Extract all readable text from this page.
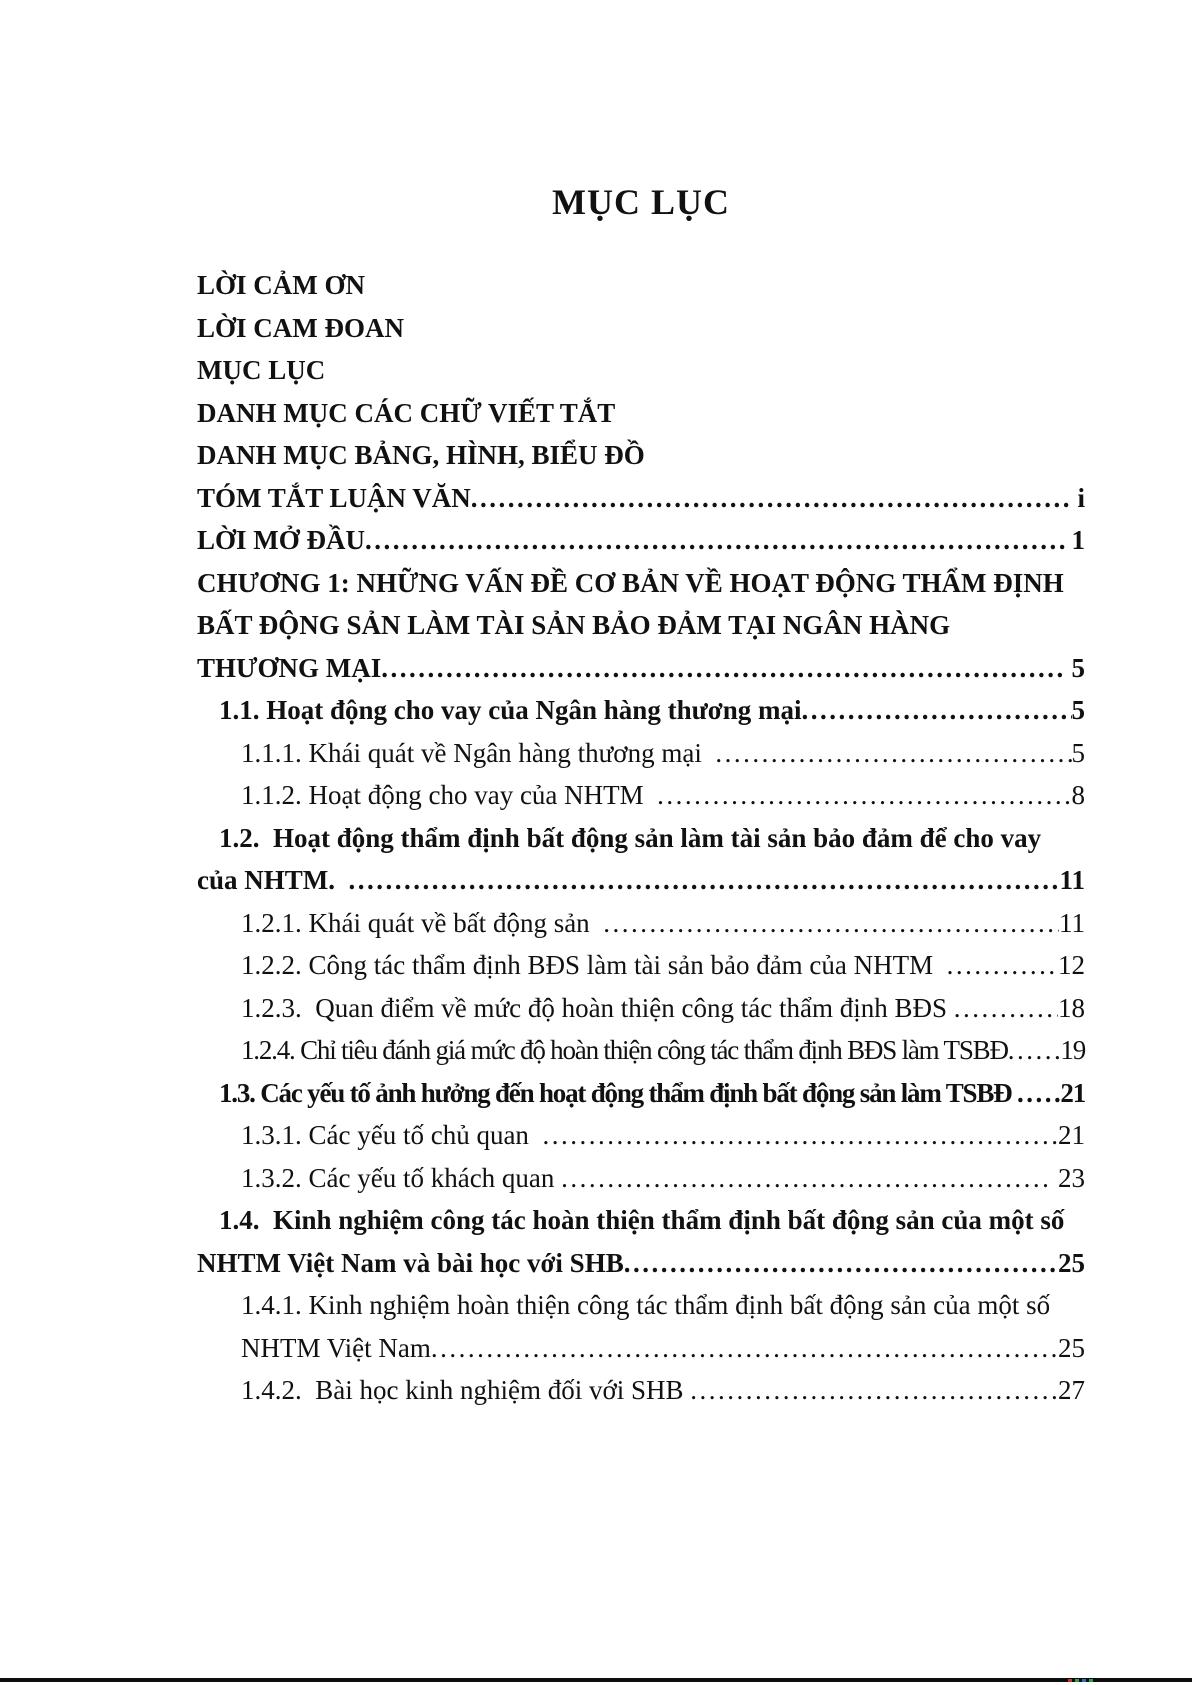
MỤC LỤC
LỜI CẢM ƠN
LỜI CAM ĐOAN
MỤC LỤC
DANH MỤC CÁC CHỮ VIẾT TẮT
DANH MỤC BẢNG, HÌNH, BIỂU ĐỒ
TÓM TẮT LUẬN VĂN .....	i
LỜI MỞ ĐẦU .....	1
CHƯƠNG 1: NHỮNG VẤN ĐỀ CƠ BẢN VỀ HOẠT ĐỘNG THẨM ĐỊNH
BẤT ĐỘNG SẢN LÀM TÀI SẢN BẢO ĐẢM TẠI NGÂN HÀNG
THƯƠNG MẠI .....	5
1.1. Hoạt động cho vay của Ngân hàng thương mại .....	5
1.1.1. Khái quát về Ngân hàng thương mại .....	5
1.1.2. Hoạt động cho vay của NHTM .....	8
1.2.  Hoạt động thẩm định bất động sản làm tài sản bảo đảm để cho vay
của NHTM. .....	11
1.2.1. Khái quát về bất động sản .....	11
1.2.2. Công tác thẩm định BĐS làm tài sản bảo đảm của NHTM .....	12
1.2.3.  Quan điểm về mức độ hoàn thiện công tác thẩm định BĐS .....	18
1.2.4. Chỉ tiêu đánh giá mức độ hoàn thiện công tác thẩm định BĐS làm TSBĐ ..... 19
1.3. Các yếu tố ảnh hưởng đến hoạt động thẩm định bất động sản làm TSBĐ ..... 21
1.3.1. Các yếu tố chủ quan .....	21
1.3.2. Các yếu tố khách quan .....	23
1.4.  Kinh nghiệm công tác hoàn thiện thẩm định bất động sản của một số
NHTM Việt Nam và bài học với SHB .....	25
1.4.1. Kinh nghiệm hoàn thiện công tác thẩm định bất động sản của một số
NHTM Việt Nam .....	25
1.4.2.  Bài học kinh nghiệm đối với SHB .....	27
